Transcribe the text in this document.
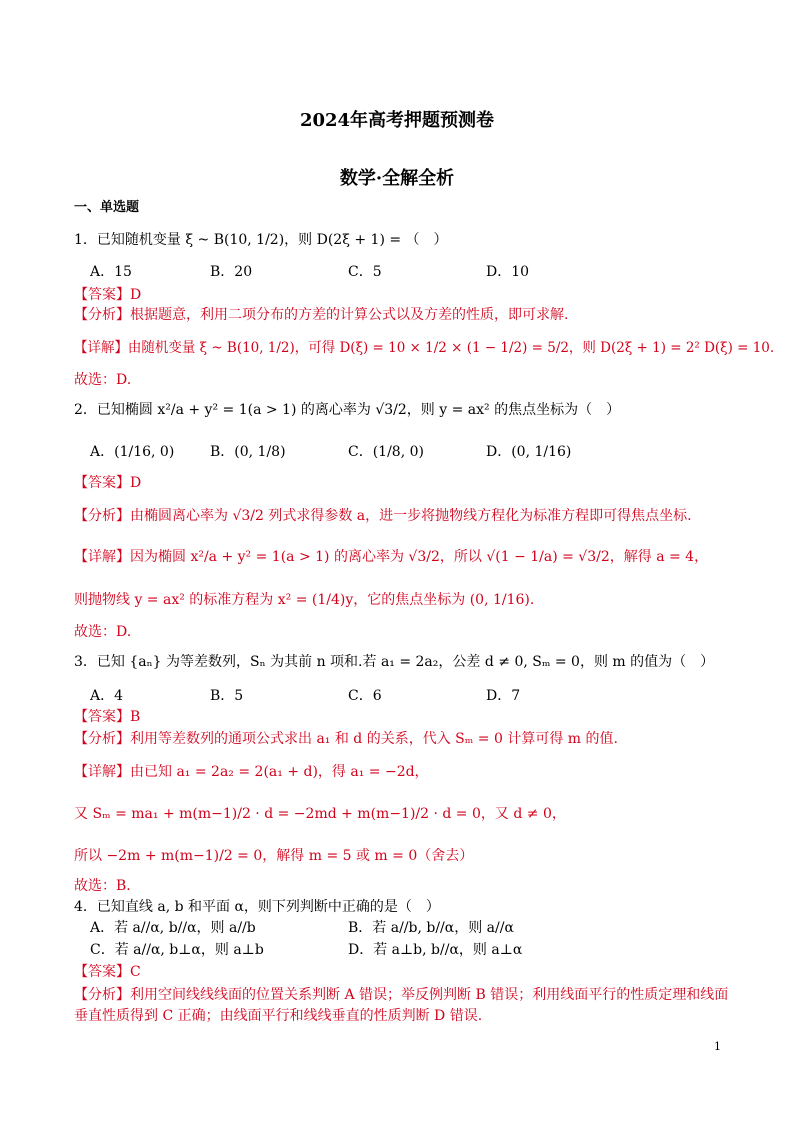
2024年高考押题预测卷
数学·全解全析
一、单选题
1．已知随机变量 ξ ~ B(10, 1/2)，则 D(2ξ + 1) = （　）
A．15	B．20	C．5	D．10
【答案】D
【分析】根据题意，利用二项分布的方差的计算公式以及方差的性质，即可求解.
【详解】由随机变量 ξ ~ B(10, 1/2)，可得 D(ξ) = 10 × 1/2 × (1 − 1/2) = 5/2，则 D(2ξ + 1) = 2² D(ξ) = 10.
故选：D.
2．已知椭圆 x²/a + y² = 1(a > 1) 的离心率为 √3/2，则 y = ax² 的焦点坐标为（　）
A．(1/16, 0)	B．(0, 1/8)	C．(1/8, 0)	D．(0, 1/16)
【答案】D
【分析】由椭圆离心率为 √3/2 列式求得参数 a，进一步将抛物线方程化为标准方程即可得焦点坐标.
【详解】因为椭圆 x²/a + y² = 1(a > 1) 的离心率为 √3/2，所以 √(1 − 1/a) = √3/2，解得 a = 4，
则抛物线 y = ax² 的标准方程为 x² = (1/4)y，它的焦点坐标为 (0, 1/16).
故选：D.
3．已知 {aₙ} 为等差数列，Sₙ 为其前 n 项和.若 a₁ = 2a₂，公差 d ≠ 0, Sₘ = 0，则 m 的值为（　）
A．4	B．5	C．6	D．7
【答案】B
【分析】利用等差数列的通项公式求出 a₁ 和 d 的关系，代入 Sₘ = 0 计算可得 m 的值.
【详解】由已知 a₁ = 2a₂ = 2(a₁ + d)，得 a₁ = −2d，
又 Sₘ = ma₁ + m(m−1)/2 · d = −2md + m(m−1)/2 · d = 0，又 d ≠ 0，
所以 −2m + m(m−1)/2 = 0，解得 m = 5 或 m = 0（舍去）
故选：B.
4．已知直线 a, b 和平面 α，则下列判断中正确的是（　）
A．若 a//α, b//α，则 a//b	B．若 a//b, b//α，则 a//α
C．若 a//α, b⊥α，则 a⊥b	D．若 a⊥b, b//α，则 a⊥α
【答案】C
【分析】利用空间线线线面的位置关系判断 A 错误；举反例判断 B 错误；利用线面平行的性质定理和线面
垂直性质得到 C 正确；由线面平行和线线垂直的性质判断 D 错误.
1
